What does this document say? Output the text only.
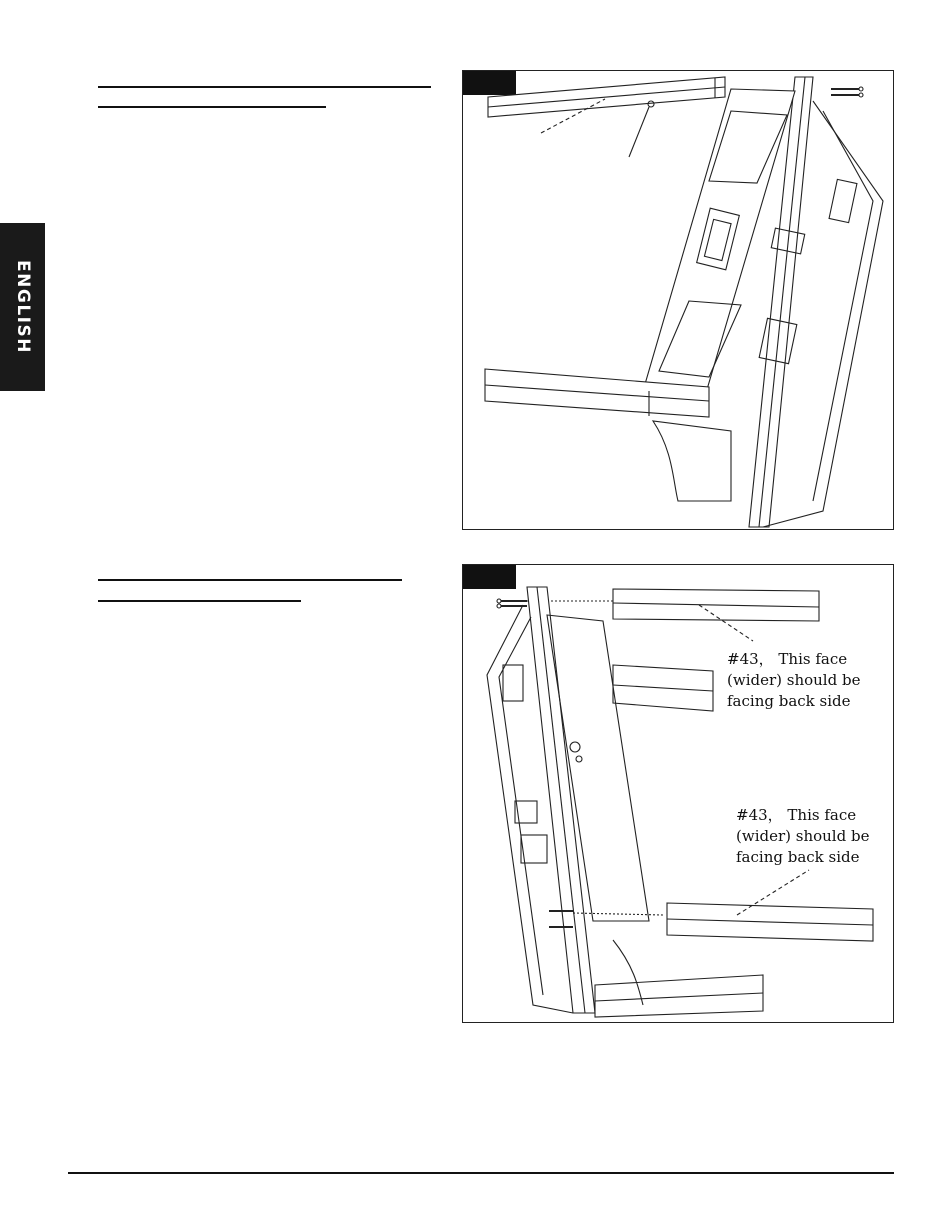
ENGLISH
#43， This face
(wider) should be
facing back side
#43， This face
(wider) should be
facing back side
